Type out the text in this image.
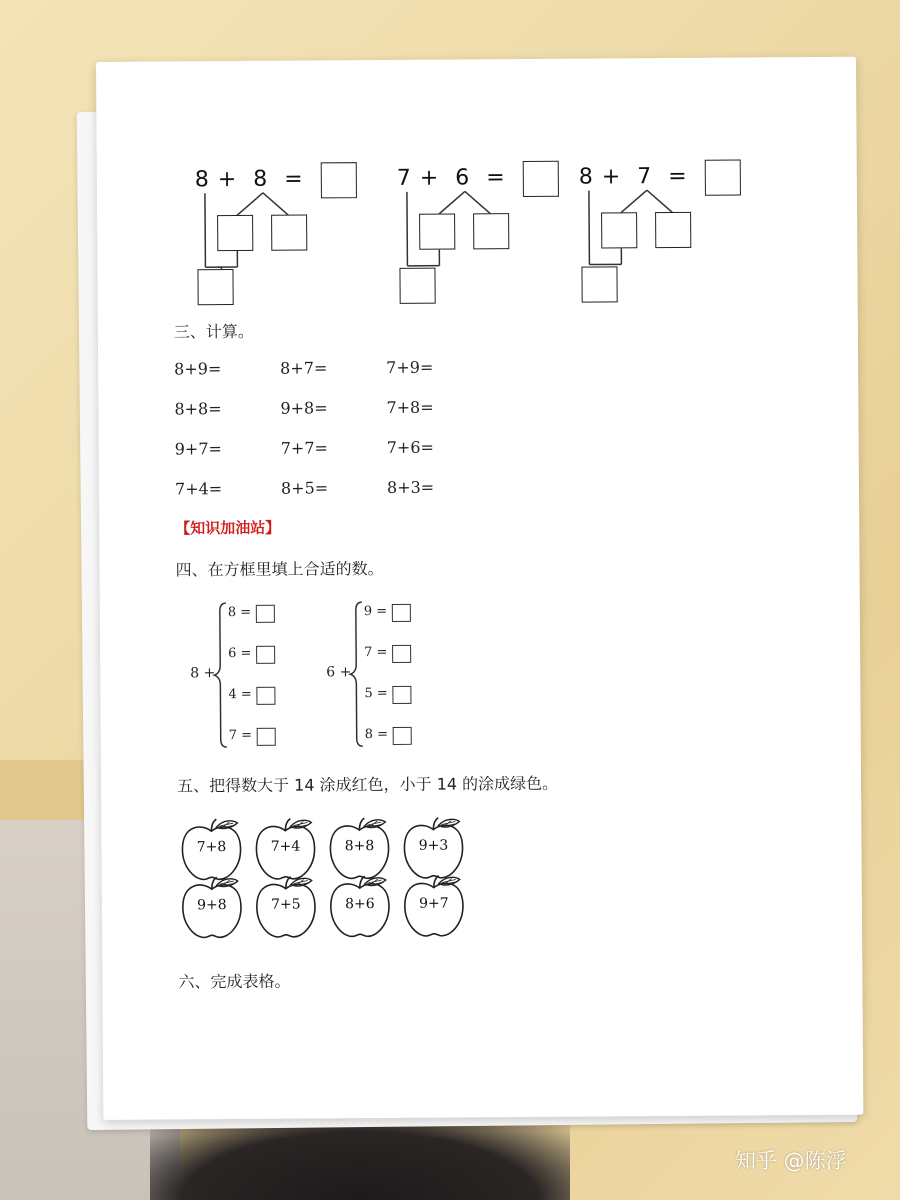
8 +  8  =	7 +  6  =	8 +  7  =
三、计算。
8+9=	8+7=	7+9=
8+8=	9+8=	7+8=
9+7=	7+7=	7+6=
7+4=	8+5=	8+3=
【知识加油站】
四、在方框里填上合适的数。
8 +
8 =
6 =
4 =
7 =
6 +
9 =
7 =
5 =
8 =
五、把得数大于 14 涂成红色，小于 14 的涂成绿色。
7+8	7+4	8+8	9+3
9+8	7+5	8+6	9+7
六、完成表格。
知乎 @陈浮
